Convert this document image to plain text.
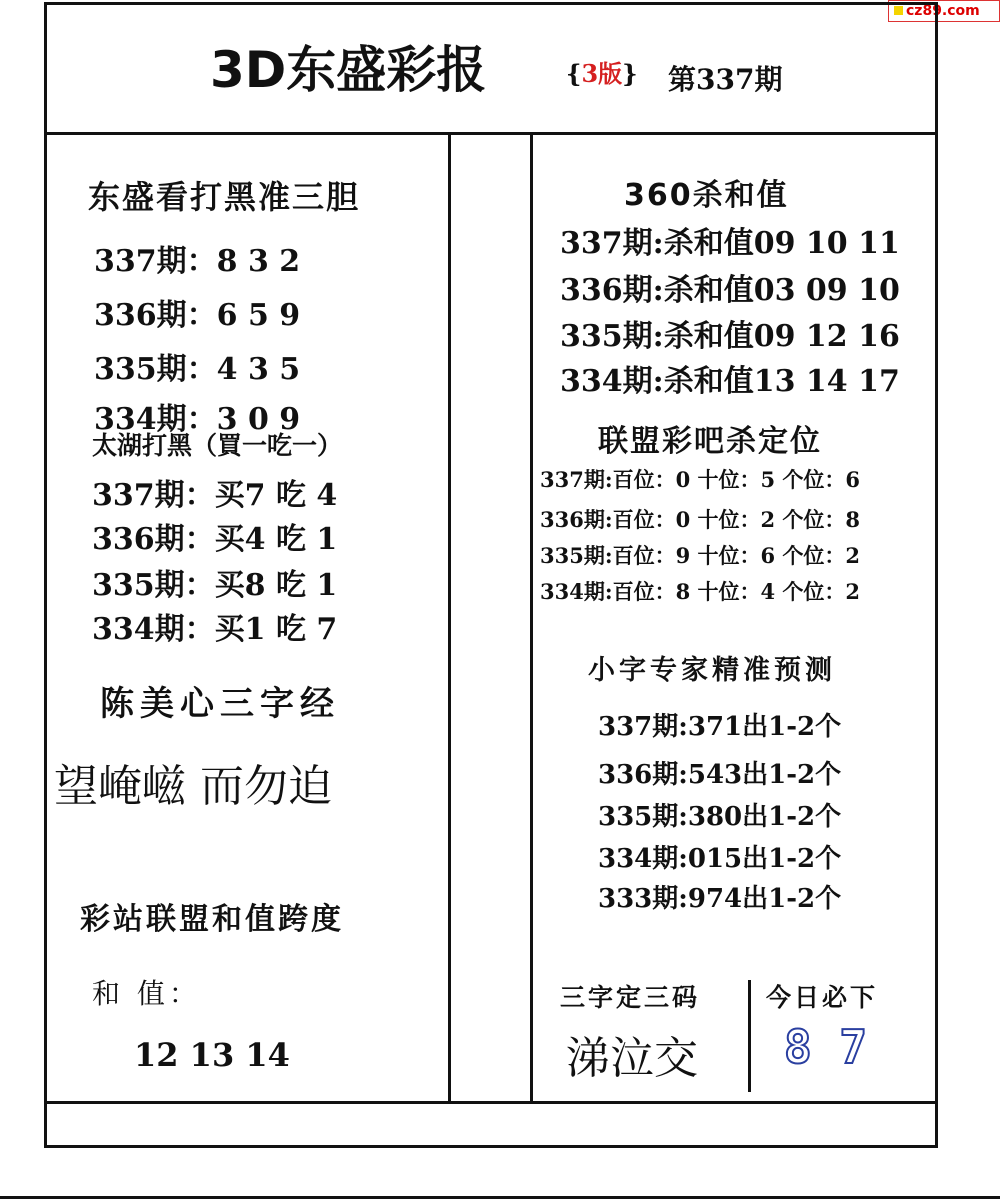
cz89.com
3D东盛彩报	{3版} 第337期
东盛看打黑准三胆
337期：8 3 2
336期：6 5 9
335期：4 3 5
334期：3 0 9
太湖打黑（買一吃一）
337期：买7 吃 4
336期：买4 吃 1
335期：买8 吃 1
334期：买1 吃 7
陈美心三字经
望崦嵫 而勿迫
彩站联盟和值跨度
和 值：
12 13 14
360杀和值
337期:杀和值09 10 11
336期:杀和值03 09 10
335期:杀和值09 12 16
334期:杀和值13 14 17
联盟彩吧杀定位
337期:百位：0 十位：5 个位：6
336期:百位：0 十位：2 个位：8
335期:百位：9 十位：6 个位：2
334期:百位：8 十位：4 个位：2
小字专家精准预测
337期:371出1-2个
336期:543出1-2个
335期:380出1-2个
334期:015出1-2个
333期:974出1-2个
三字定三码
涕泣交
今日必下
8 7
